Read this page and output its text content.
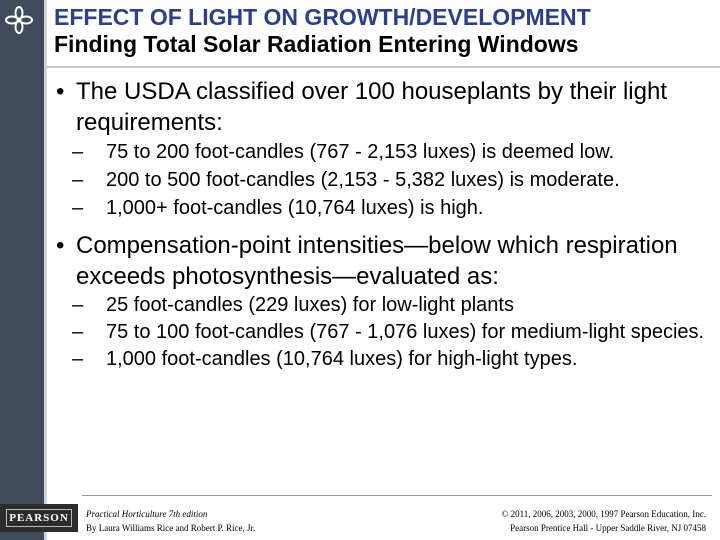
EFFECT OF LIGHT ON GROWTH/DEVELOPMENT
Finding Total Solar Radiation Entering Windows
• The USDA classified over 100 houseplants by their light requirements:
– 75 to 200 foot-candles (767 - 2,153 luxes) is deemed low.
– 200 to 500 foot-candles (2,153 - 5,382 luxes) is moderate.
– 1,000+ foot-candles (10,764 luxes) is high.
• Compensation-point intensities—below which respiration exceeds photosynthesis—evaluated as:
– 25 foot-candles (229 luxes) for low-light plants
– 75 to 100 foot-candles (767 - 1,076 luxes) for medium-light species.
– 1,000 foot-candles (10,764 luxes) for high-light types.
PEARSON	Practical Horticulture 7th edition
By Laura Williams Rice and Robert P. Rice, Jr.
© 2011, 2006, 2003, 2000, 1997 Pearson Education, Inc.
Pearson Prentice Hall - Upper Saddle River, NJ 07458
